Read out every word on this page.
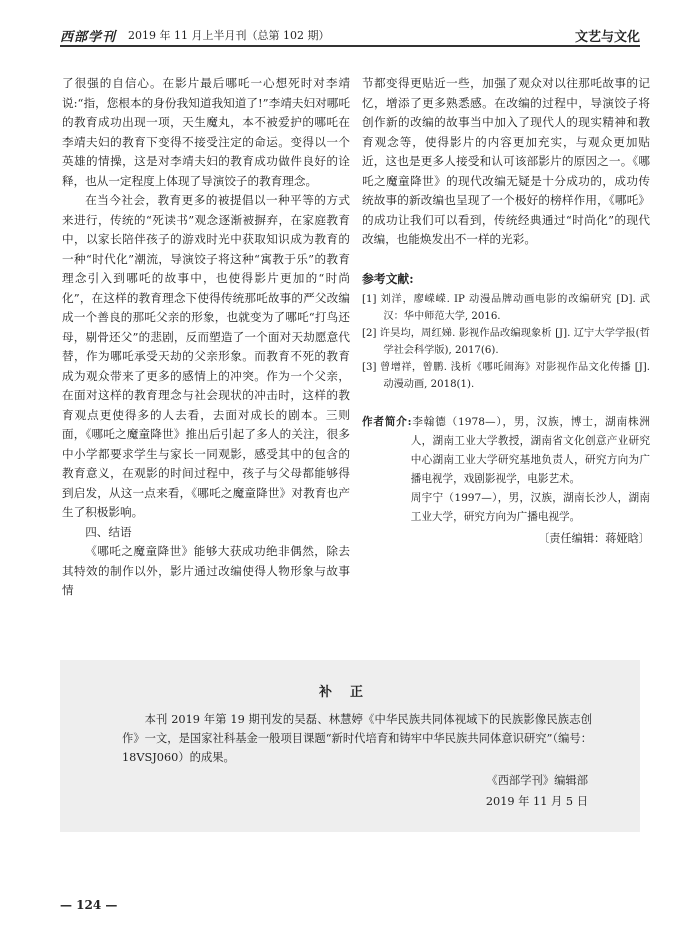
西部学刊 2019 年 11 月上半月刊（总第 102 期）	文艺与文化

了很强的自信心。在影片最后哪吒一心想死时对李靖说:“指，您根本的身份我知道我知道了!”李靖夫妇对哪吒的教育成功出现一项，天生魔丸，本不被爱护的哪吒在李靖夫妇的教育下变得不接受注定的命运。变得以一个英雄的情操，这是对李靖夫妇的教育成功做件良好的诠释，也从一定程度上体现了导演饺子的教育理念。

在当今社会，教育更多的被提倡以一种平等的方式来进行，传统的“死读书”观念逐渐被摒弃，在家庭教育中，以家长陪伴孩子的游戏时光中获取知识成为教育的一种“时代化”潮流，导演饺子将这种“寓教于乐”的教育理念引入到哪吒的故事中，也使得影片更加的“时尚化”，在这样的教育理念下使得传统那吒故事的严父改编成一个善良的那吒父亲的形象，也就变为了哪吒“打鸟还母，剔骨还父”的悲剧，反而塑造了一个面对天劫愿意代替，作为哪吒承受天劫的父亲形象。而教育不死的教育成为观众带来了更多的感情上的冲突。作为一个父亲，在面对这样的教育理念与社会现状的冲击时，这样的教育观点更使得多的人去看，去面对成长的剧本。三则面，《哪吒之魔童降世》推出后引起了多人的关注，很多中小学都要求学生与家长一同观影，感受其中的包含的教育意义，在观影的时间过程中，孩子与父母都能够得到启发，从这一点来看，《哪吒之魔童降世》对教育也产生了积极影响。

四、结语

《哪吒之魔童降世》能够大获成功绝非偶然，除去其特效的制作以外，影片通过改编使得人物形象与故事情

节都变得更贴近一些，加强了观众对以往那吒故事的记忆，增添了更多熟悉感。在改编的过程中，导演饺子将创作新的改编的故事当中加入了现代人的现实精神和教育观念等，使得影片的内容更加充实，与观众更加贴近，这也是更多人接受和认可该部影片的原因之一。《哪吒之魔童降世》的现代改编无疑是十分成功的，成功传统故事的新改编也呈现了一个极好的榜样作用，《哪吒》的成功让我们可以看到，传统经典通过“时尚化”的现代改编，也能焕发出不一样的光彩。

参考文献:

[1] 刘洋，廖嵘嵘. IP 动漫品牌动画电影的改编研究 [D]. 武汉：华中师范大学, 2016.
[2] 许昊均，周红娣. 影视作品改编现象析 [J]. 辽宁大学学报(哲学社会科学版), 2017(6).
[3] 曾增祥，曾鹏. 浅析《哪吒闹海》对影视作品文化传播 [J]. 动漫动画, 2018(1).
作者简介:李翰德（1978—），男，汉族，博士，湖南株洲人，湖南工业大学教授，湖南省文化创意产业研究中心湖南工业大学研究基地负责人，研究方向为广播电视学，戏剧影视学，电影艺术。
周宇宁（1997—），男，汉族，湖南长沙人，湖南工业大学，研究方向为广播电视学。
〔责任编辑：蒋娅晗〕
补正
本刊 2019 年第 19 期刊发的吴磊、林慧婷《中华民族共同体视域下的民族影像民族志创作》一文，是国家社科基金一般项目课题“新时代培育和铸牢中华民族共同体意识研究”（编号：18VSJ060）的成果。
《西部学刊》编辑部
2019 年 11 月 5 日
— 124 —
